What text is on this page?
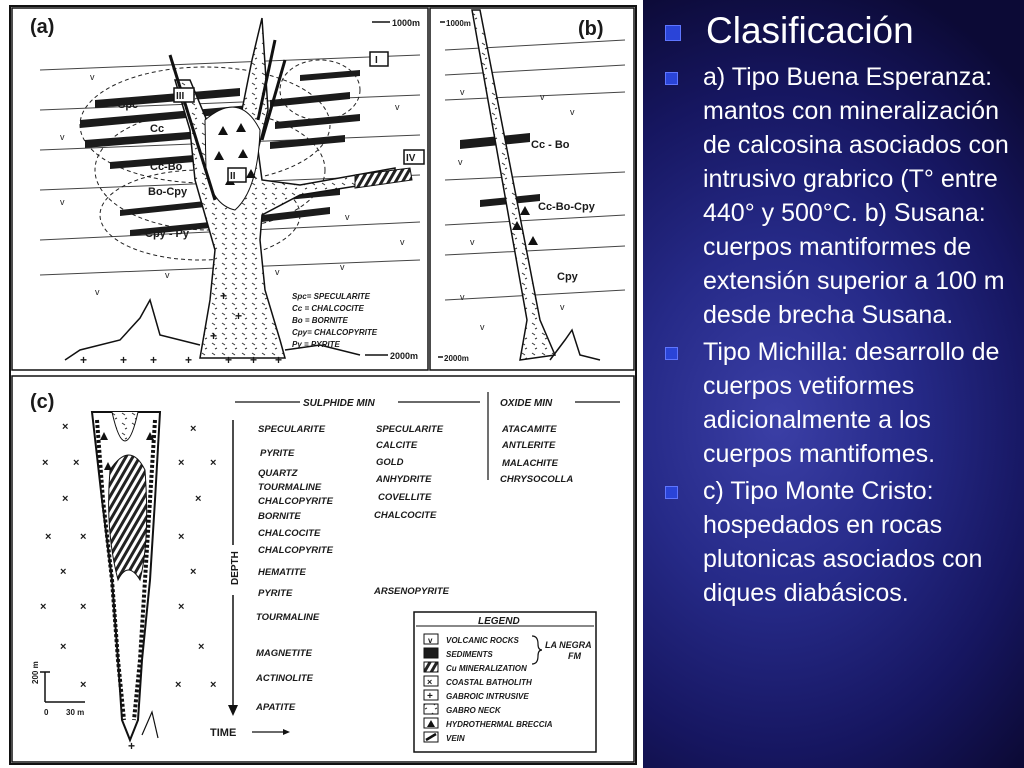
(a)	1000m
2000m
I
II
III
IV
Spc
Cc
Cc-Bo
Bo-Cpy
Cpy - Py
v
v
v
v
v	v	v
v
v
v
+	+ + +	+ + +
+
+
+	Spc= SPECULARITE
Cc = CHALCOCITE
Bo = BORNITE
Cpy= CHALCOPYRITE
Py = PYRITE
(b)
1000m
2000m
Cc - Bo
Cc-Bo-Cpy
Cpy
v	v
v
v
v
v
v
v
(c)
×	×
× ×	× ×
×	×
×	×	×
×	×
×	×	×
×	×
×	×
×
+
200 m
0 30 m
SULPHIDE MIN	OXIDE MIN
DEPTH
TIME
SPECULARITE
PYRITE
QUARTZ
TOURMALINE
CHALCOPYRITE
BORNITE
CHALCOCITE
CHALCOPYRITE
HEMATITE
PYRITE
TOURMALINE
MAGNETITE
ACTINOLITE
APATITE
SPECULARITE
CALCITE
GOLD
ANHYDRITE
COVELLITE
CHALCOCITE
ARSENOPYRITE
ATACAMITE
ANTLERITE
MALACHITE
CHRYSOCOLLA
LEGEND
v VOLCANIC ROCKS
SEDIMENTS
Cu MINERALIZATION
× COASTAL BATHOLITH
+ GABROIC INTRUSIVE
GABRO NECK
HYDROTHERMAL BRECCIA
VEIN
LA NEGRA
FM
Clasificación
a) Tipo Buena Esperanza: mantos con mineralización de calcosina asociados con intrusivo grabrico (T° entre 440° y 500°C. b) Susana: cuerpos mantiformes de extensión superior a 100 m desde brecha Susana.
Tipo Michilla: desarrollo de cuerpos vetiformes adicionalmente a los cuerpos mantifomes.
c) Tipo Monte Cristo: hospedados en rocas plutonicas asociados con diques diabásicos.
